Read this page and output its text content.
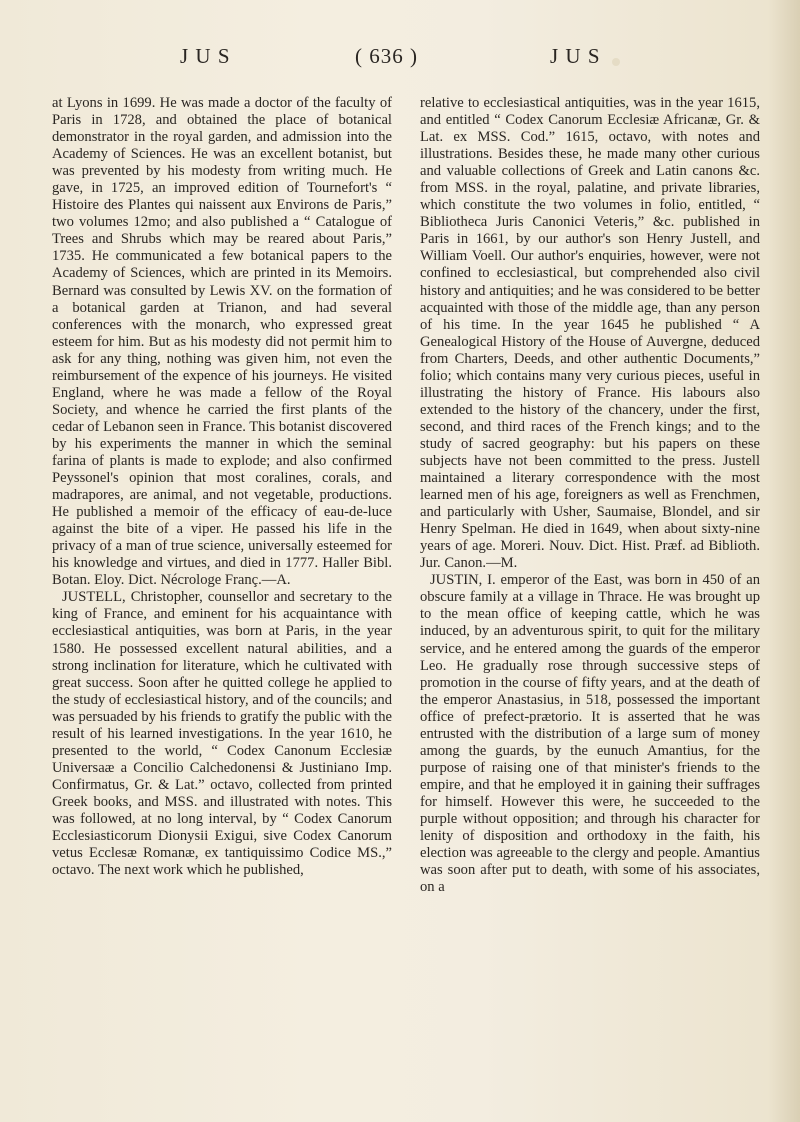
J U S	( 636 )	J U S

at Lyons in 1699. He was made a doctor of the faculty of Paris in 1728, and obtained the place of botanical demonstrator in the royal garden, and admission into the Academy of Sciences. He was an excellent botanist, but was prevented by his modesty from writing much. He gave, in 1725, an improved edition of Tournefort's “ Histoire des Plantes qui naissent aux Environs de Paris,” two volumes 12mo; and also published a “ Catalogue of Trees and Shrubs which may be reared about Paris,” 1735. He communicated a few botanical papers to the Academy of Sciences, which are printed in its Memoirs. Bernard was consulted by Lewis XV. on the formation of a botanical garden at Trianon, and had several conferences with the monarch, who expressed great esteem for him. But as his modesty did not permit him to ask for any thing, nothing was given him, not even the reimbursement of the expence of his journeys. He visited England, where he was made a fellow of the Royal Society, and whence he carried the first plants of the cedar of Lebanon seen in France. This botanist discovered by his experiments the manner in which the seminal farina of plants is made to explode; and also confirmed Peyssonel's opinion that most coralines, corals, and madrapores, are animal, and not vegetable, productions. He published a memoir of the efficacy of eau-de-luce against the bite of a viper. He passed his life in the privacy of a man of true science, universally esteemed for his knowledge and virtues, and died in 1777. Haller Bibl. Botan. Eloy. Dict. Nécrologe Franç.—A.

JUSTELL, Christopher, counsellor and secretary to the king of France, and eminent for his acquaintance with ecclesiastical antiquities, was born at Paris, in the year 1580. He possessed excellent natural abilities, and a strong inclination for literature, which he cultivated with great success. Soon after he quitted college he applied to the study of ecclesiastical history, and of the councils; and was persuaded by his friends to gratify the public with the result of his learned investigations. In the year 1610, he presented to the world, “ Codex Canonum Ecclesiæ Universaæ a Concilio Calchedonensi & Justiniano Imp. Confirmatus, Gr. & Lat.” octavo, collected from printed Greek books, and MSS. and illustrated with notes. This was followed, at no long interval, by “ Codex Canorum Ecclesiasticorum Dionysii Exigui, sive Codex Canorum vetus Ecclesæ Romanæ, ex tantiquissimo Codice MS.,” octavo. The next work which he published,

relative to ecclesiastical antiquities, was in the year 1615, and entitled “ Codex Canorum Ecclesiæ Africanæ, Gr. & Lat. ex MSS. Cod.” 1615, octavo, with notes and illustrations. Besides these, he made many other curious and valuable collections of Greek and Latin canons &c. from MSS. in the royal, palatine, and private libraries, which constitute the two volumes in folio, entitled, “ Bibliotheca Juris Canonici Veteris,” &c. published in Paris in 1661, by our author's son Henry Justell, and William Voell. Our author's enquiries, however, were not confined to ecclesiastical, but comprehended also civil history and antiquities; and he was considered to be better acquainted with those of the middle age, than any person of his time. In the year 1645 he published “ A Genealogical History of the House of Auvergne, deduced from Charters, Deeds, and other authentic Documents,” folio; which contains many very curious pieces, useful in illustrating the history of France. His labours also extended to the history of the chancery, under the first, second, and third races of the French kings; and to the study of sacred geography: but his papers on these subjects have not been committed to the press. Justell maintained a literary correspondence with the most learned men of his age, foreigners as well as Frenchmen, and particularly with Usher, Saumaise, Blondel, and sir Henry Spelman. He died in 1649, when about sixty-nine years of age. Moreri. Nouv. Dict. Hist. Præf. ad Biblioth. Jur. Canon.—M.

JUSTIN, I. emperor of the East, was born in 450 of an obscure family at a village in Thrace. He was brought up to the mean office of keeping cattle, which he was induced, by an adventurous spirit, to quit for the military service, and he entered among the guards of the emperor Leo. He gradually rose through successive steps of promotion in the course of fifty years, and at the death of the emperor Anastasius, in 518, possessed the important office of prefect-prætorio. It is asserted that he was entrusted with the distribution of a large sum of money among the guards, by the eunuch Amantius, for the purpose of raising one of that minister's friends to the empire, and that he employed it in gaining their suffrages for himself. However this were, he succeeded to the purple without opposition; and through his character for lenity of disposition and orthodoxy in the faith, his election was agreeable to the clergy and people. Amantius was soon after put to death, with some of his associates, on a
